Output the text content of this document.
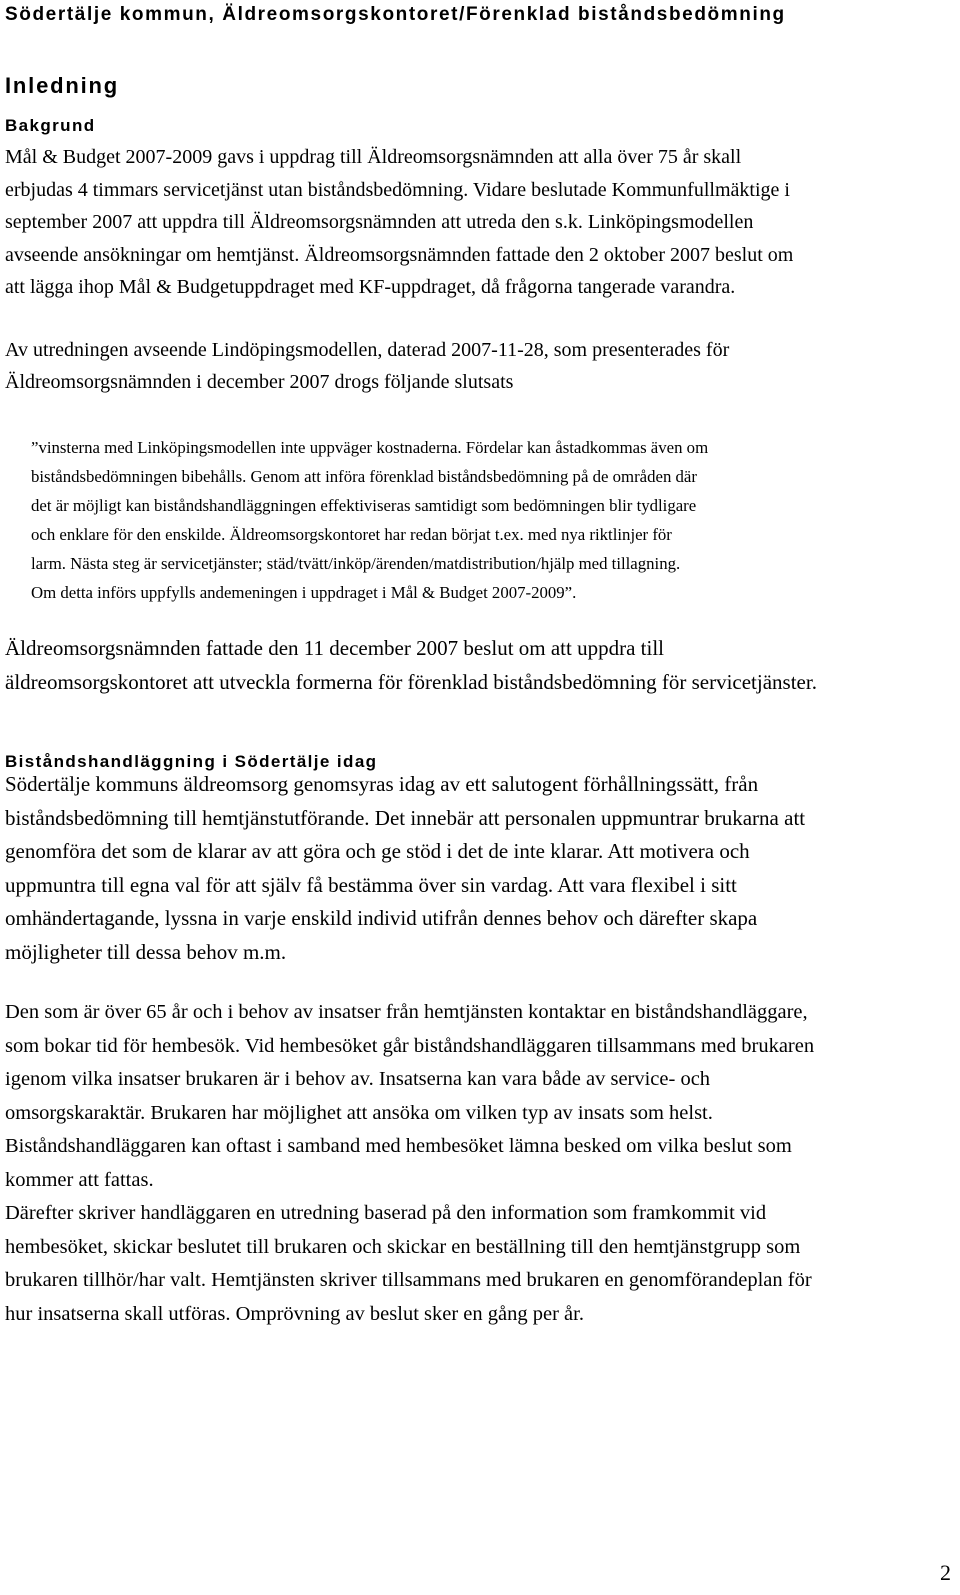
Södertälje kommun, Äldreomsorgskontoret/Förenklad biståndsbedömning
Inledning
Bakgrund
Mål & Budget 2007-2009 gavs i uppdrag till Äldreomsorgsnämnden att alla över 75 år skall
erbjudas 4 timmars servicetjänst utan biståndsbedömning. Vidare beslutade Kommunfullmäktige i
september 2007 att uppdra till Äldreomsorgsnämnden att utreda den s.k. Linköpingsmodellen
avseende ansökningar om hemtjänst. Äldreomsorgsnämnden fattade den 2 oktober 2007 beslut om
att lägga ihop Mål & Budgetuppdraget med KF-uppdraget, då frågorna tangerade varandra.
Av utredningen avseende Lindöpingsmodellen, daterad 2007-11-28, som presenterades för
Äldreomsorgsnämnden i december 2007 drogs följande slutsats
”vinsterna med Linköpingsmodellen inte uppväger kostnaderna. Fördelar kan åstadkommas även om
biståndsbedömningen bibehålls. Genom att införa förenklad biståndsbedömning på de områden där
det är möjligt kan biståndshandläggningen effektiviseras samtidigt som bedömningen blir tydligare
och enklare för den enskilde. Äldreomsorgskontoret har redan börjat t.ex. med nya riktlinjer för
larm. Nästa steg är servicetjänster; städ/tvätt/inköp/ärenden/matdistribution/hjälp med tillagning.
Om detta införs uppfylls andemeningen i uppdraget i Mål & Budget 2007-2009”.
Äldreomsorgsnämnden fattade den 11 december 2007 beslut om att uppdra till
äldreomsorgskontoret att utveckla formerna för förenklad biståndsbedömning för servicetjänster.
Biståndshandläggning i Södertälje idag
Södertälje kommuns äldreomsorg genomsyras idag av ett salutogent förhållningssätt, från
biståndsbedömning till hemtjänstutförande. Det innebär att personalen uppmuntrar brukarna att
genomföra det som de klarar av att göra och ge stöd i det de inte klarar. Att motivera och
uppmuntra till egna val för att själv få bestämma över sin vardag. Att vara flexibel i sitt
omhändertagande, lyssna in varje enskild individ utifrån dennes behov och därefter skapa
möjligheter till dessa behov m.m.
Den som är över 65 år och i behov av insatser från hemtjänsten kontaktar en biståndshandläggare,
som bokar tid för hembesök. Vid hembesöket går biståndshandläggaren tillsammans med brukaren
igenom vilka insatser brukaren är i behov av. Insatserna kan vara både av service- och
omsorgskaraktär. Brukaren har möjlighet att ansöka om vilken typ av insats som helst.
Biståndshandläggaren kan oftast i samband med hembesöket lämna besked om vilka beslut som
kommer att fattas.
Därefter skriver handläggaren en utredning baserad på den information som framkommit vid
hembesöket, skickar beslutet till brukaren och skickar en beställning till den hemtjänstgrupp som
brukaren tillhör/har valt. Hemtjänsten skriver tillsammans med brukaren en genomförandeplan för
hur insatserna skall utföras. Omprövning av beslut sker en gång per år.
2
